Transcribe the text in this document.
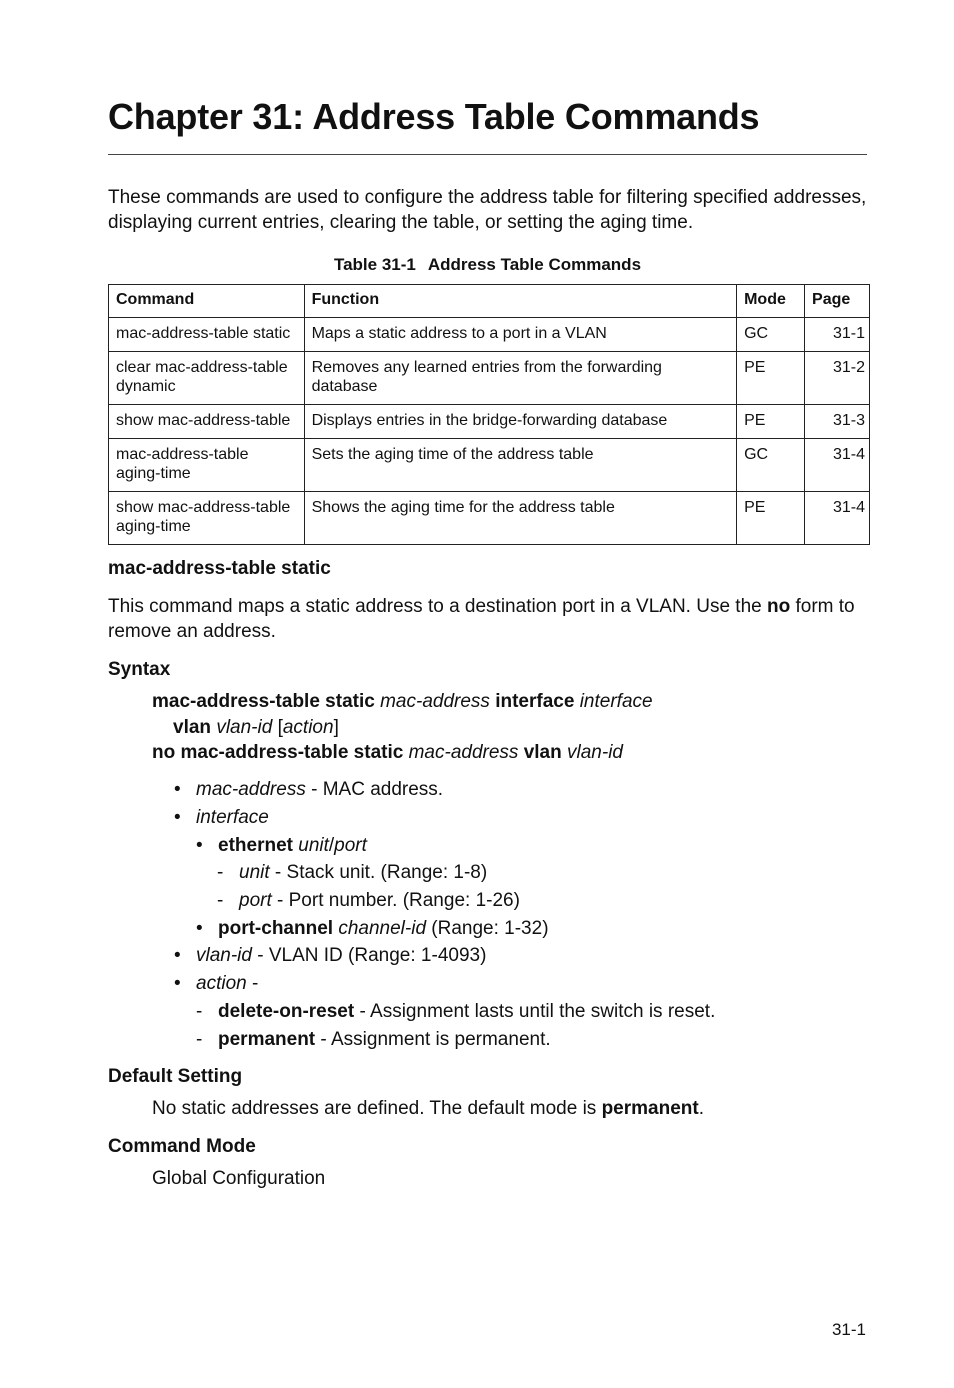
Chapter 31: Address Table Commands

These commands are used to configure the address table for filtering specified addresses, displaying current entries, clearing the table, or setting the aging time.

Table 31-1 Address Table Commands
Command	Function	Mode	Page
mac-address-table static	Maps a static address to a port in a VLAN	GC	31-1
clear mac-address-table dynamic	Removes any learned entries from the forwarding database	PE	31-2
show mac-address-table	Displays entries in the bridge-forwarding database	PE	31-3
mac-address-table aging-time	Sets the aging time of the address table	GC	31-4
show mac-address-table aging-time	Shows the aging time for the address table	PE	31-4
mac-address-table static

This command maps a static address to a destination port in a VLAN. Use the no form to remove an address.

Syntax
mac-address-table static mac-address interface interface
vlan vlan-id [action]
no mac-address-table static mac-address vlan vlan-id
• mac-address - MAC address.
• interface
• ethernet unit/port
- unit - Stack unit. (Range: 1-8)
- port - Port number. (Range: 1-26)
• port-channel channel-id (Range: 1-32)
• vlan-id - VLAN ID (Range: 1-4093)
• action -
- delete-on-reset - Assignment lasts until the switch is reset.
- permanent - Assignment is permanent.
Default Setting
No static addresses are defined. The default mode is permanent.
Command Mode
Global Configuration
31-1
